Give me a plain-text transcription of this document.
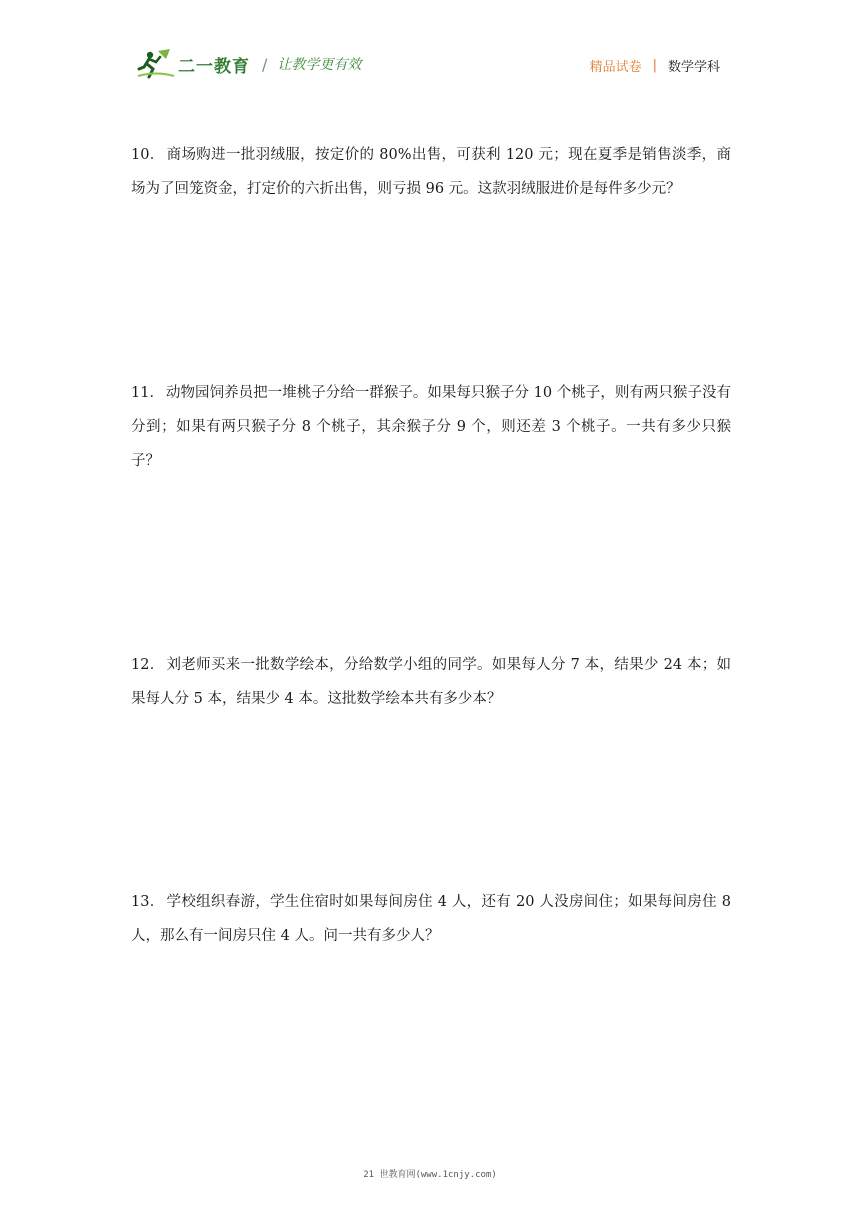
二一教育 / 让教学更有效	精品试卷 | 数学学科
10． 商场购进一批羽绒服，按定价的 80%出售，可获利 120 元；现在夏季是销售淡季，商场为了回笼资金，打定价的六折出售，则亏损 96 元。这款羽绒服进价是每件多少元？
11． 动物园饲养员把一堆桃子分给一群猴子。如果每只猴子分 10 个桃子，则有两只猴子没有分到；如果有两只猴子分 8 个桃子，其余猴子分 9 个，则还差 3 个桃子。一共有多少只猴子？
12． 刘老师买来一批数学绘本，分给数学小组的同学。如果每人分 7 本，结果少 24 本；如果每人分 5 本，结果少 4 本。这批数学绘本共有多少本？
13． 学校组织春游，学生住宿时如果每间房住 4 人，还有 20 人没房间住；如果每间房住 8 人，那么有一间房只住 4 人。问一共有多少人？
21 世教育网(www.1cnjy.com)
